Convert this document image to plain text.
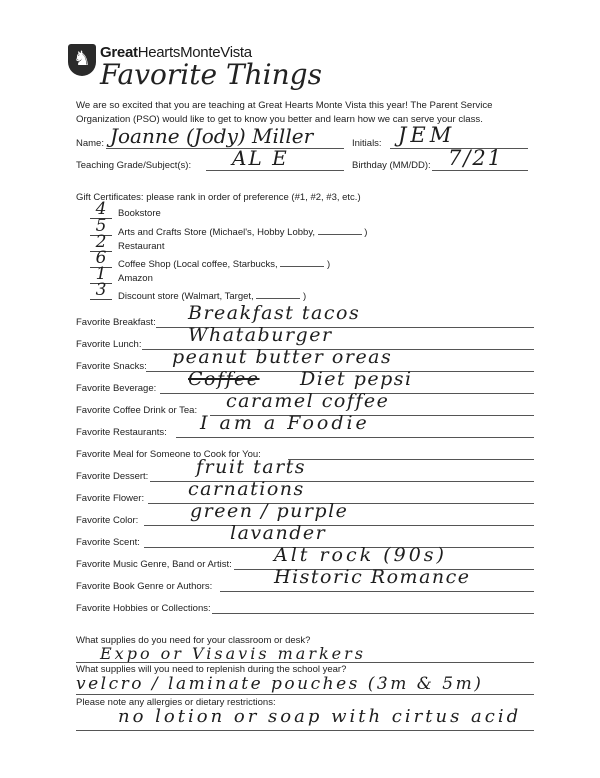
♞ GreatHeartsMonteVista
Favorite Things
We are so excited that you are teaching at Great Hearts Monte Vista this year! The Parent Service Organization (PSO) would like to get to know you better and learn how we can serve your class.
Name: Joanne (Jody) Miller	Initials: JEM
Teaching Grade/Subject(s): AL E	Birthday (MM/DD): 7/21
Gift Certificates: please rank in order of preference (#1, #2, #3, etc.)
4	Bookstore
5	Arts and Crafts Store (Michael's, Hobby Lobby,	)
2	Restaurant
6	Coffee Shop (Local coffee, Starbucks,	)
1	Amazon
3	Discount store (Walmart, Target,	)
Favorite Breakfast: Breakfast tacos
Favorite Lunch: Whataburger
Favorite Snacks: peanut butter oreas
Favorite Beverage: Coffee Diet pepsi
Favorite Coffee Drink or Tea: caramel coffee
Favorite Restaurants: I am a Foodie
Favorite Meal for Someone to Cook for You:
Favorite Dessert:	fruit tarts
Favorite Flower: carnations
Favorite Color:	green / purple
Favorite Scent:	lavander
Favorite Music Genre, Band or Artist: Alt rock (90s)
Favorite Book Genre or Authors:	Historic Romance
Favorite Hobbies or Collections:
What supplies do you need for your classroom or desk?
Expo or Visavis markers
What supplies will you need to replenish during the school year?
velcro / laminate pouches (3m & 5m)
Please note any allergies or dietary restrictions:
no lotion or soap with cirtus acid
